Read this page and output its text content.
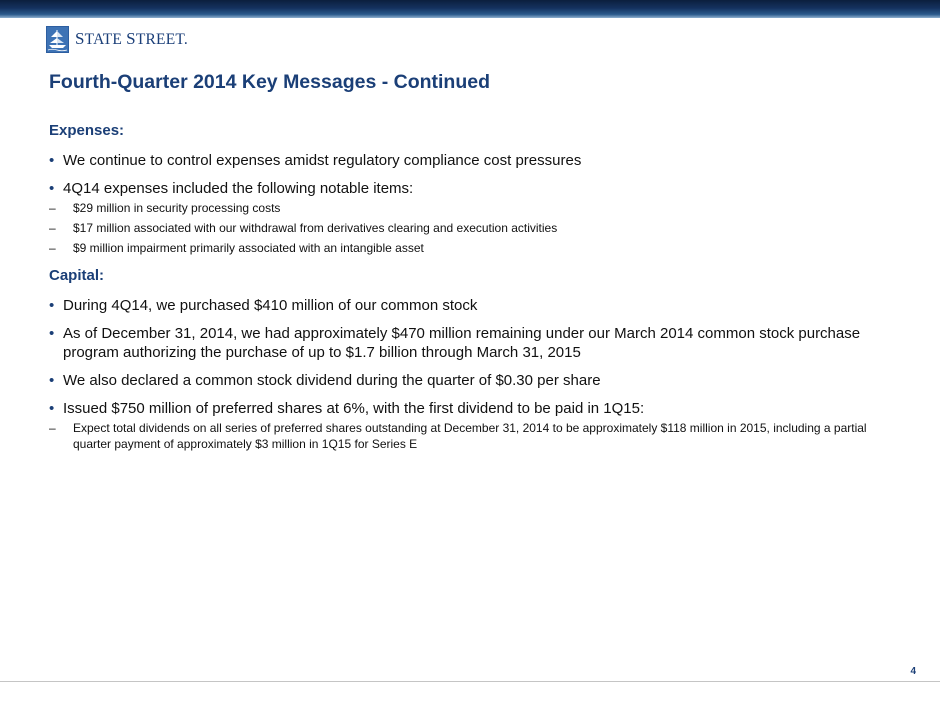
STATE STREET.
Fourth-Quarter 2014 Key Messages - Continued
Expenses:
• We continue to control expenses amidst regulatory compliance cost pressures
• 4Q14 expenses included the following notable items:
– $29 million in security processing costs
– $17 million associated with our withdrawal from derivatives clearing and execution activities
– $9 million impairment primarily associated with an intangible asset
Capital:
• During 4Q14, we purchased $410 million of our common stock
• As of December 31, 2014, we had approximately $470 million remaining under our March 2014 common stock purchase program authorizing the purchase of up to $1.7 billion through March 31, 2015
• We also declared a common stock dividend during the quarter of $0.30 per share
• Issued $750 million of preferred shares at 6%, with the first dividend to be paid in 1Q15:
– Expect total dividends on all series of preferred shares outstanding at December 31, 2014 to be approximately $118 million in 2015, including a partial quarter payment of approximately $3 million in 1Q15 for Series E
4
